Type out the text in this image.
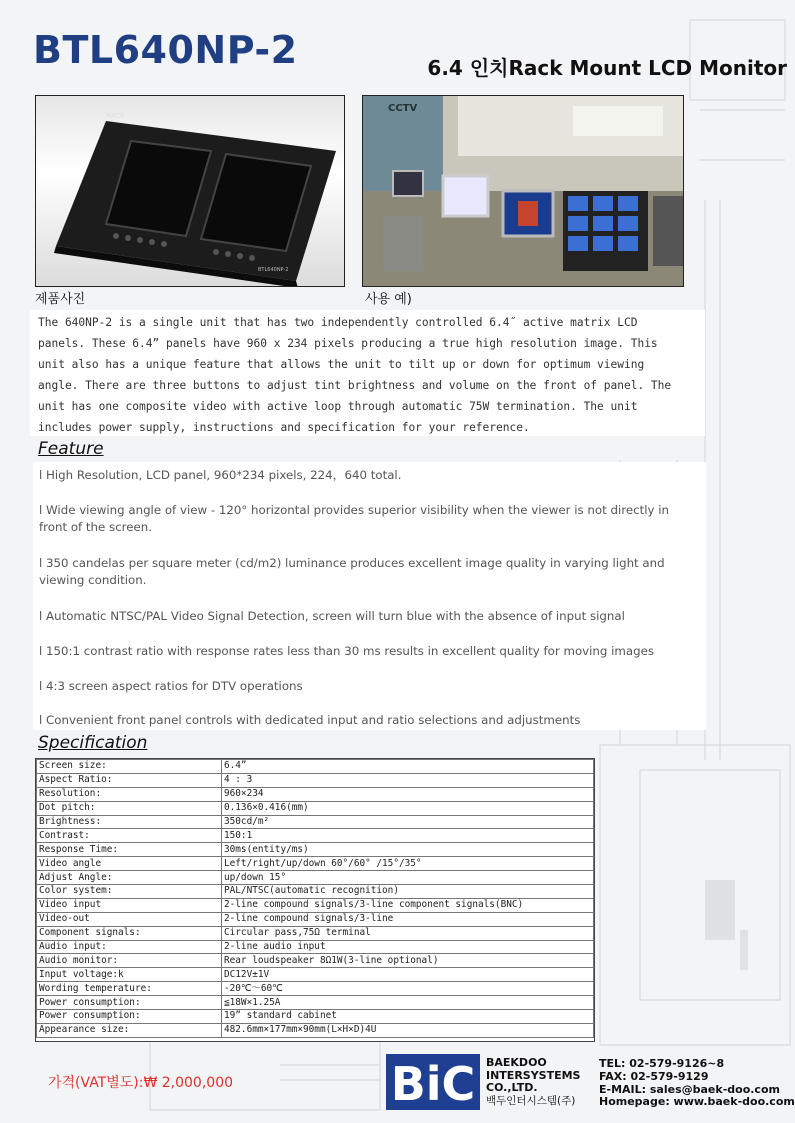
BTL640NP-2	6.4 인치Rack Mount LCD Monitor
RACK
BTL640NP-2
CCTV
제품사진	사용 예)
The 640NP-2 is a single unit that has two independently controlled 6.4˝ active matrix LCD
panels. These 6.4” panels have 960 x 234 pixels producing a true high resolution image. This
unit also has a unique feature that allows the unit to tilt up or down for optimum viewing
angle. There are three buttons to adjust tint brightness and volume on the front of panel. The
unit has one composite video with active loop through automatic 75W termination. The unit
includes power supply, instructions and specification for your reference.
Feature

l High Resolution, LCD panel, 960*234 pixels, 224，640 total.

l Wide viewing angle of view - 120° horizontal provides superior visibility when the viewer is not directly in front of the screen.

l 350 candelas per square meter (cd/m2) luminance produces excellent image quality in varying light and viewing condition.

l Automatic NTSC/PAL Video Signal Detection, screen will turn blue with the absence of input signal

l 150:1 contrast ratio with response rates less than 30 ms results in excellent quality for moving images

l 4:3 screen aspect ratios for DTV operations

l Convenient front panel controls with dedicated input and ratio selections and adjustments

Specification
Screen size:	6.4”
Aspect Ratio:	4 : 3
Resolution:	960×234
Dot pitch:	0.136×0.416(mm)
Brightness:	350cd/m²
Contrast:	150:1
Response Time:	30ms(entity/ms)
Video angle	Left/right/up/down 60°/60° /15°/35°
Adjust Angle:	up/down 15°
Color system:	PAL/NTSC(automatic recognition)
Video input	2-line compound signals/3-line component signals(BNC)
Video-out	2-line compound signals/3-line
Component signals:	Circular pass,75Ω terminal
Audio input:	2-line audio input
Audio monitor:	Rear loudspeaker 8Ω1W(3-line optional)
Input voltage:k	DC12V±1V
Wording temperature:	-20℃～60℃
Power consumption:	≦18W×1.25A
Power consumption:	19” standard cabinet
Appearance size:	482.6mm×177mm×90mm(L×H×D)4U

가격(VAT별도):₩ 2,000,000	BiC BAEKDOO
INTERSYSTEMS
CO.,LTD.
백두인터시스템(주)
TEL: 02-579-9126~8
FAX: 02-579-9129
E-MAIL: sales@baek-doo.com
Homepage: www.baek-doo.com
